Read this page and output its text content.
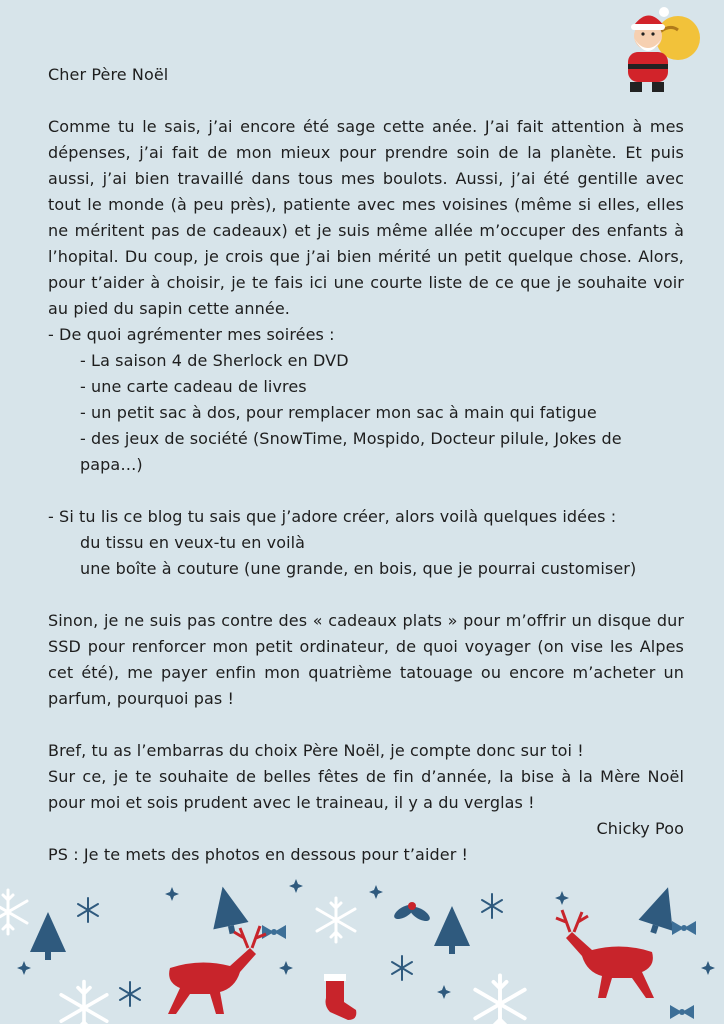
Cher Père Noël

Comme tu le sais, j’ai encore été sage cette anée. J’ai fait attention à mes dépenses, j’ai fait de mon mieux pour prendre soin de la planète. Et puis aussi, j’ai bien travaillé dans tous mes boulots. Aussi, j’ai été gentille avec tout le monde (à peu près), patiente avec mes voisines (même si elles, elles ne méritent pas de cadeaux) et je suis même allée m’occuper des enfants à l’hopital. Du coup, je crois que j’ai bien mérité un petit quelque chose. Alors, pour t’aider à choisir, je te fais ici une courte liste de ce que je souhaite voir au pied du sapin cette année.

- De quoi agrémenter mes soirées :

- La saison 4 de Sherlock en DVD
- une carte cadeau de livres
- un petit sac à dos, pour remplacer mon sac à main qui fatigue
- des jeux de société (SnowTime, Mospido, Docteur pilule, Jokes de papa…)

- Si tu lis ce blog tu sais que j’adore créer, alors voilà quelques idées :

du tissu en veux-tu en voilà
une boîte à couture (une grande, en bois, que je pourrai customiser)

Sinon, je ne suis pas contre des « cadeaux plats » pour m’offrir un disque dur SSD pour renforcer mon petit ordinateur, de quoi voyager (on vise les Alpes cet été), me payer enfin mon quatrième tatouage ou encore m’acheter un parfum, pourquoi pas !

Bref, tu as l’embarras du choix Père Noël, je compte donc sur toi !

Sur ce, je te souhaite de belles fêtes de fin d’année, la bise à la Mère Noël pour moi et sois prudent avec le traineau, il y a du verglas !

Chicky Poo

PS : Je te mets des photos en dessous pour t’aider !
